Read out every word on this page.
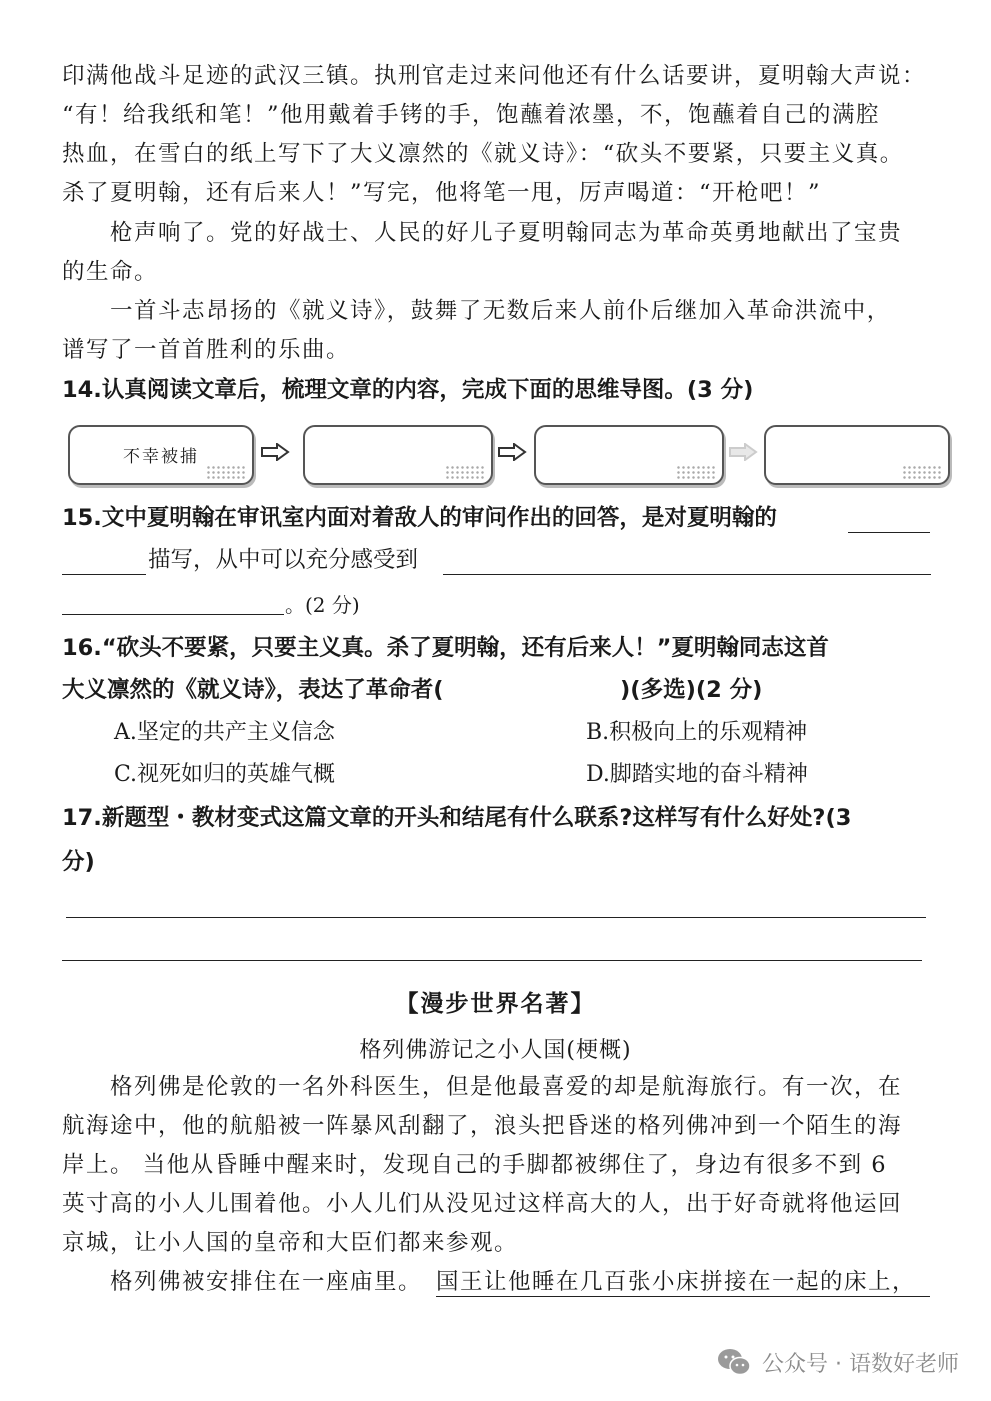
印满他战斗足迹的武汉三镇。执刑官走过来问他还有什么话要讲，夏明翰大声说：
“有！给我纸和笔！”他用戴着手铐的手，饱蘸着浓墨，不，饱蘸着自己的满腔
热血，在雪白的纸上写下了大义凛然的《就义诗》：“砍头不要紧，只要主义真。
杀了夏明翰，还有后来人！”写完，他将笔一甩，厉声喝道：“开枪吧！”
枪声响了。党的好战士、人民的好儿子夏明翰同志为革命英勇地献出了宝贵
的生命。
一首斗志昂扬的《就义诗》，鼓舞了无数后来人前仆后继加入革命洪流中，
谱写了一首首胜利的乐曲。
14.认真阅读文章后，梳理文章的内容，完成下面的思维导图。(3 分)
不幸被捕
15.文中夏明翰在审讯室内面对着敌人的审问作出的回答，是对夏明翰的
描写，从中可以充分感受到
。(2 分)
16.“砍头不要紧，只要主义真。杀了夏明翰，还有后来人！”夏明翰同志这首
大义凛然的《就义诗》，表达了革命者(	)(多选)(2 分)
A.坚定的共产主义信念	B.积极向上的乐观精神
C.视死如归的英雄气概	D.脚踏实地的奋斗精神
17.新题型・教材变式这篇文章的开头和结尾有什么联系?这样写有什么好处?(3
分)
【漫步世界名著】
格列佛游记之小人国(梗概)
格列佛是伦敦的一名外科医生，但是他最喜爱的却是航海旅行。有一次，在
航海途中，他的航船被一阵暴风刮翻了，浪头把昏迷的格列佛冲到一个陌生的海
岸上。 当他从昏睡中醒来时，发现自己的手脚都被绑住了，身边有很多不到 6
英寸高的小人儿围着他。小人儿们从没见过这样高大的人，出于好奇就将他运回
京城，让小人国的皇帝和大臣们都来参观。
格列佛被安排住在一座庙里。 国王让他睡在几百张小床拼接在一起的床上，
公众号 · 语数好老师
